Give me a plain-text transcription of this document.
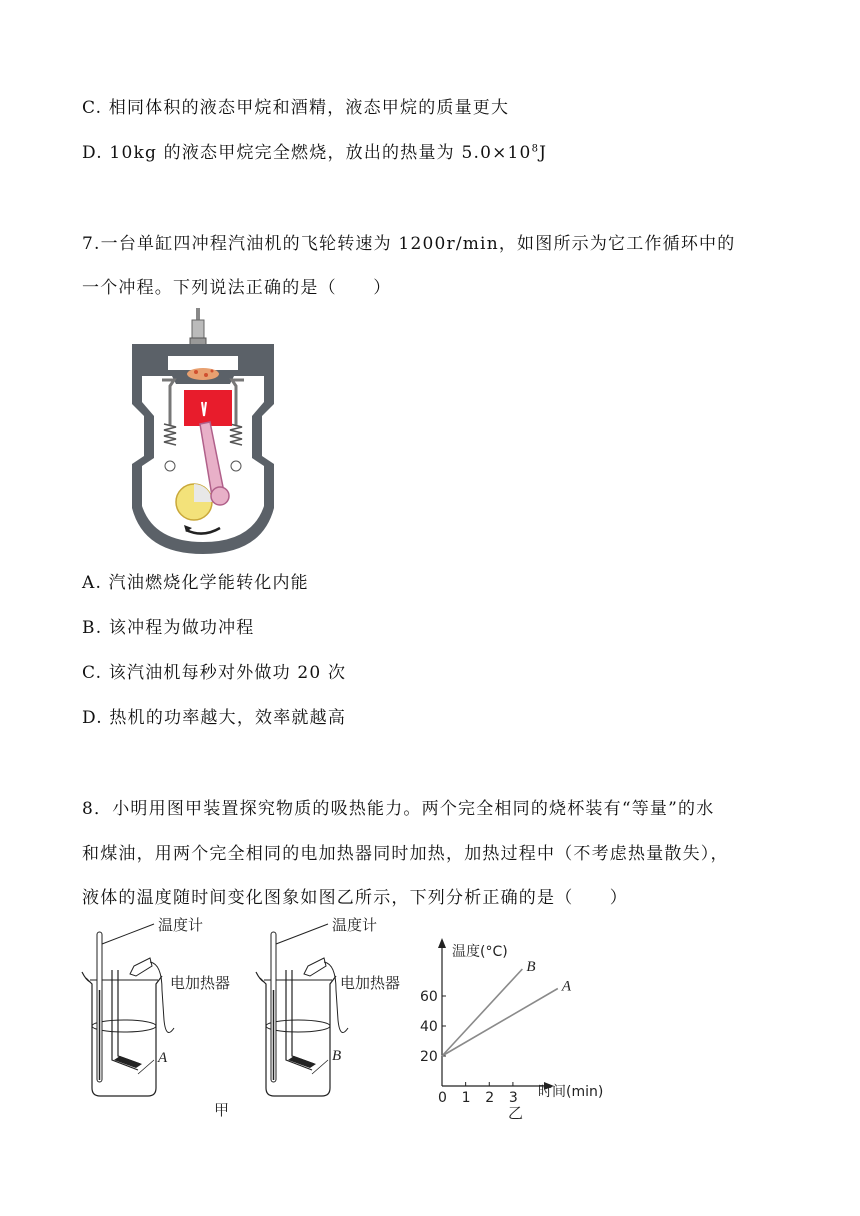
C. 相同体积的液态甲烷和酒精，液态甲烷的质量更大
D. 10kg 的液态甲烷完全燃烧，放出的热量为 $5.0\times 10^8J$
7.一台单缸四冲程汽油机的飞轮转速为 1200r/min，如图所示为它工作循环中的
一个冲程。下列说法正确的是（　　）
A. 汽油燃烧化学能转化内能
B. 该冲程为做功冲程
C. 该汽油机每秒对外做功 20 次
D. 热机的功率越大，效率就越高
8．小明用图甲装置探究物质的吸热能力。两个完全相同的烧杯装有“等量”的水
和煤油，用两个完全相同的电加热器同时加热，加热过程中（不考虑热量散失），
液体的温度随时间变化图象如图乙所示，下列分析正确的是（　　）
温度计
电加热器
A
温度计
电加热器
B
甲
温度(°C)
时间(min)
0 1 2 3
20
40
60
B
A
乙
